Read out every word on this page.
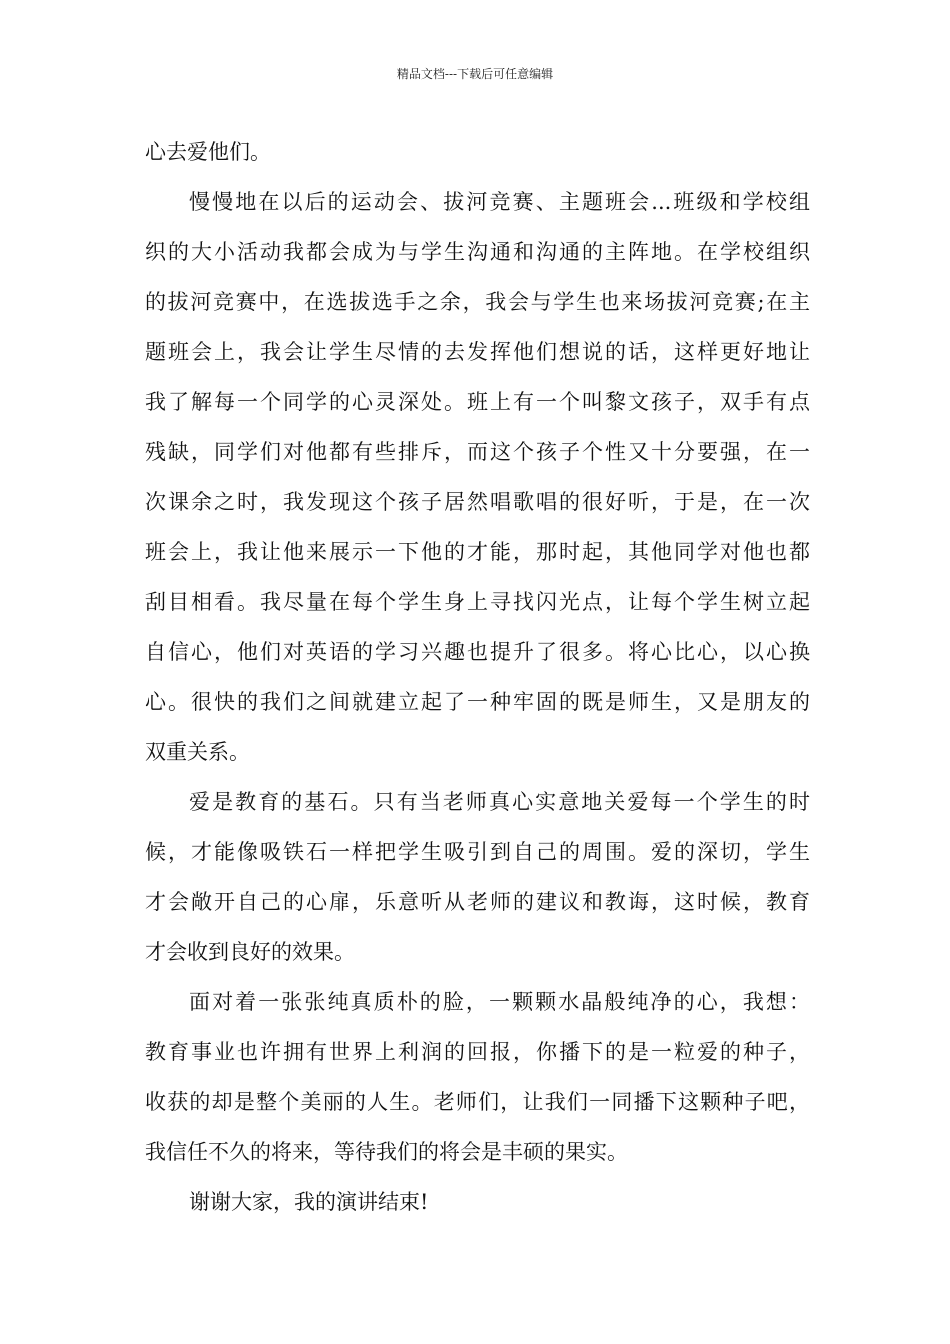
精品文档---下载后可任意编辑
心去爱他们。
慢慢地在以后的运动会、拔河竞赛、主题班会...班级和学校组
织的大小活动我都会成为与学生沟通和沟通的主阵地。在学校组织
的拔河竞赛中，在选拔选手之余，我会与学生也来场拔河竞赛;在主
题班会上，我会让学生尽情的去发挥他们想说的话，这样更好地让
我了解每一个同学的心灵深处。班上有一个叫黎文孩子，双手有点
残缺，同学们对他都有些排斥，而这个孩子个性又十分要强，在一
次课余之时，我发现这个孩子居然唱歌唱的很好听，于是，在一次
班会上，我让他来展示一下他的才能，那时起，其他同学对他也都
刮目相看。我尽量在每个学生身上寻找闪光点，让每个学生树立起
自信心，他们对英语的学习兴趣也提升了很多。将心比心，以心换
心。很快的我们之间就建立起了一种牢固的既是师生，又是朋友的
双重关系。
爱是教育的基石。只有当老师真心实意地关爱每一个学生的时
候，才能像吸铁石一样把学生吸引到自己的周围。爱的深切，学生
才会敞开自己的心扉，乐意听从老师的建议和教诲，这时候，教育
才会收到良好的效果。
面对着一张张纯真质朴的脸，一颗颗水晶般纯净的心，我想：
教育事业也许拥有世界上利润的回报，你播下的是一粒爱的种子，
收获的却是整个美丽的人生。老师们，让我们一同播下这颗种子吧，
我信任不久的将来，等待我们的将会是丰硕的果实。
谢谢大家，我的演讲结束!
